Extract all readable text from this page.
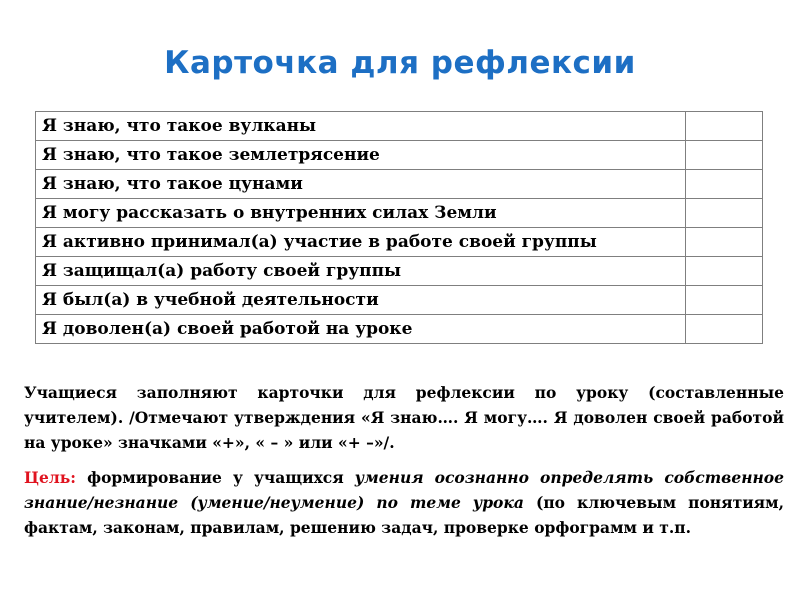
Карточка для рефлексии
Я знаю, что такое вулканы	
Я знаю, что такое землетрясение	
Я знаю, что такое цунами	
Я могу рассказать о внутренних силах Земли	
Я активно принимал(а) участие в работе своей группы	
Я защищал(а) работу своей группы	
Я был(а) в учебной деятельности	
Я доволен(а) своей работой на уроке	

Учащиеся заполняют карточки для рефлексии по уроку (составленные учителем). /Отмечают утверждения «Я знаю…. Я могу…. Я доволен своей работой на уроке» значками «+», « – » или «+ –»/.

Цель: формирование у учащихся умения осознанно определять собственное знание/незнание (умение/неумение) по теме урока (по ключевым понятиям, фактам, законам, правилам, решению задач, проверке орфограмм и т.п.
